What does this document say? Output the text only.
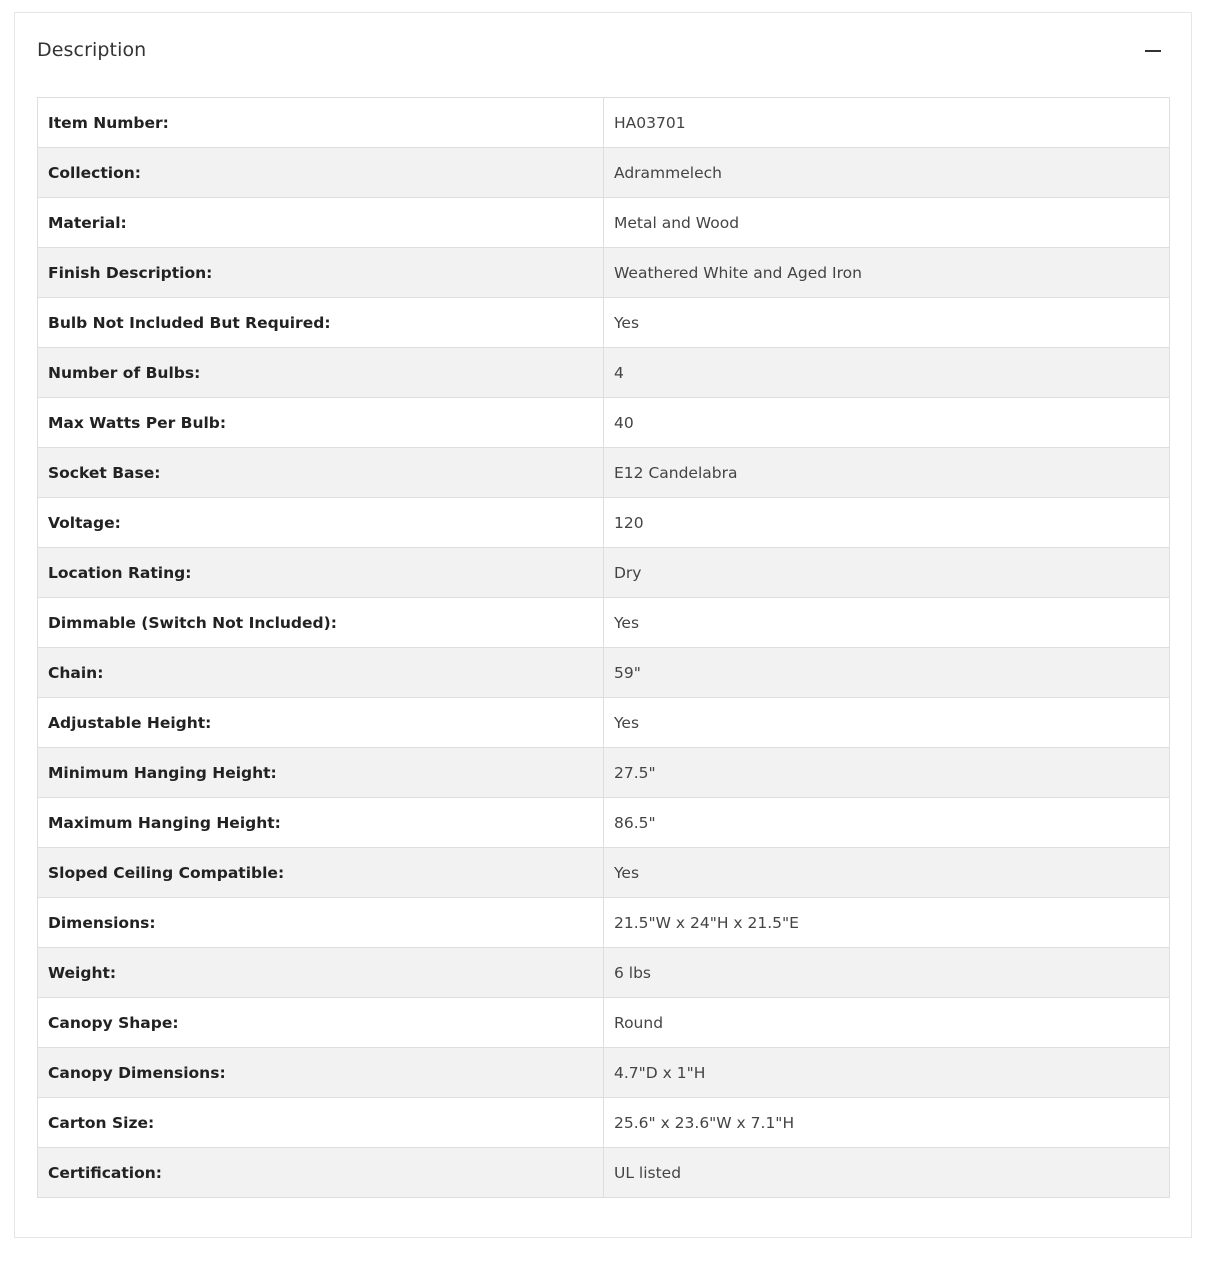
Description
Item Number:	HA03701
Collection:	Adrammelech
Material:	Metal and Wood
Finish Description:	Weathered White and Aged Iron
Bulb Not Included But Required:	Yes
Number of Bulbs:	4
Max Watts Per Bulb:	40
Socket Base:	E12 Candelabra
Voltage:	120
Location Rating:	Dry
Dimmable (Switch Not Included):	Yes
Chain:	59"
Adjustable Height:	Yes
Minimum Hanging Height:	27.5"
Maximum Hanging Height:	86.5"
Sloped Ceiling Compatible:	Yes
Dimensions:	21.5"W x 24"H x 21.5"E
Weight:	6 lbs
Canopy Shape:	Round
Canopy Dimensions:	4.7"D x 1"H
Carton Size:	25.6" x 23.6"W x 7.1"H
Certification:	UL listed
